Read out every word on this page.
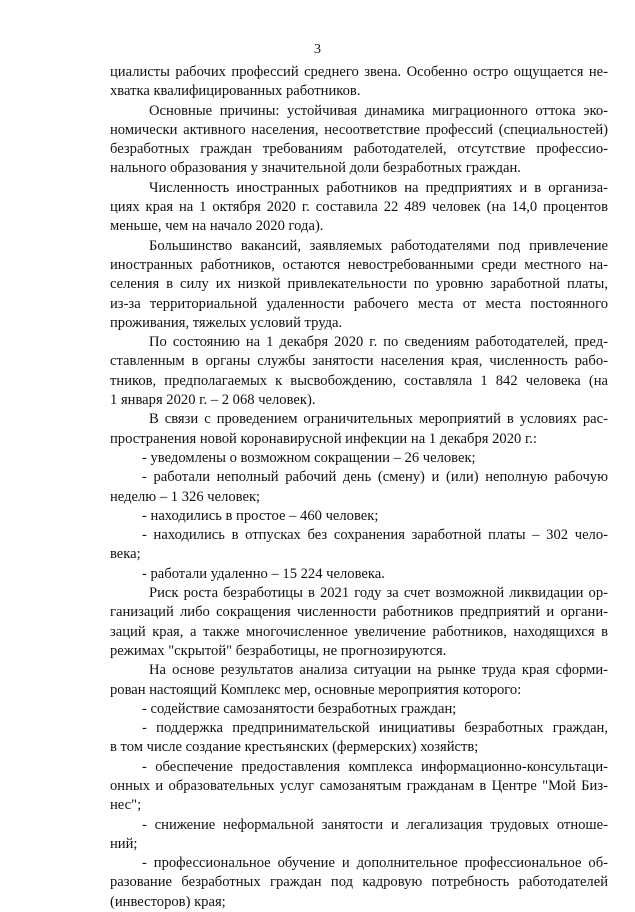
3
циалисты рабочих профессий среднего звена. Особенно остро ощущается не-
хватка квалифицированных работников.
Основные причины: устойчивая динамика миграционного оттока эко-
номически активного населения, несоответствие профессий (специальностей)
безработных граждан требованиям работодателей, отсутствие профессио-
нального образования у значительной доли безработных граждан.
Численность иностранных работников на предприятиях и в организа-
циях края на 1 октября 2020 г. составила 22 489 человек (на 14,0 процентов
меньше, чем на начало 2020 года).
Большинство вакансий, заявляемых работодателями под привлечение
иностранных работников, остаются невостребованными среди местного на-
селения в силу их низкой привлекательности по уровню заработной платы,
из-за территориальной удаленности рабочего места от места постоянного
проживания, тяжелых условий труда.
По состоянию на 1 декабря 2020 г. по сведениям работодателей, пред-
ставленным в органы службы занятости населения края, численность рабо-
тников, предполагаемых к высвобождению, составляла 1 842 человека (на
1 января 2020 г. – 2 068 человек).
В связи с проведением ограничительных мероприятий в условиях рас-
пространения новой коронавирусной инфекции на 1 декабря 2020 г.:
- уведомлены о возможном сокращении – 26 человек;
- работали неполный рабочий день (смену) и (или) неполную рабочую
неделю – 1 326 человек;
- находились в простое – 460 человек;
- находились в отпусках без сохранения заработной платы – 302 чело-
века;
- работали удаленно – 15 224 человека.
Риск роста безработицы в 2021 году за счет возможной ликвидации ор-
ганизаций либо сокращения численности работников предприятий и органи-
заций края, а также многочисленное увеличение работников, находящихся в
режимах "скрытой" безработицы, не прогнозируются.
На основе результатов анализа ситуации на рынке труда края сформи-
рован настоящий Комплекс мер, основные мероприятия которого:
- содействие самозанятости безработных граждан;
- поддержка предпринимательской инициативы безработных граждан,
в том числе создание крестьянских (фермерских) хозяйств;
- обеспечение предоставления комплекса информационно-консультаци-
онных и образовательных услуг самозанятым гражданам в Центре "Мой Биз-
нес";
- снижение неформальной занятости и легализация трудовых отноше-
ний;
- профессиональное обучение и дополнительное профессиональное об-
разование безработных граждан под кадровую потребность работодателей
(инвесторов) края;
